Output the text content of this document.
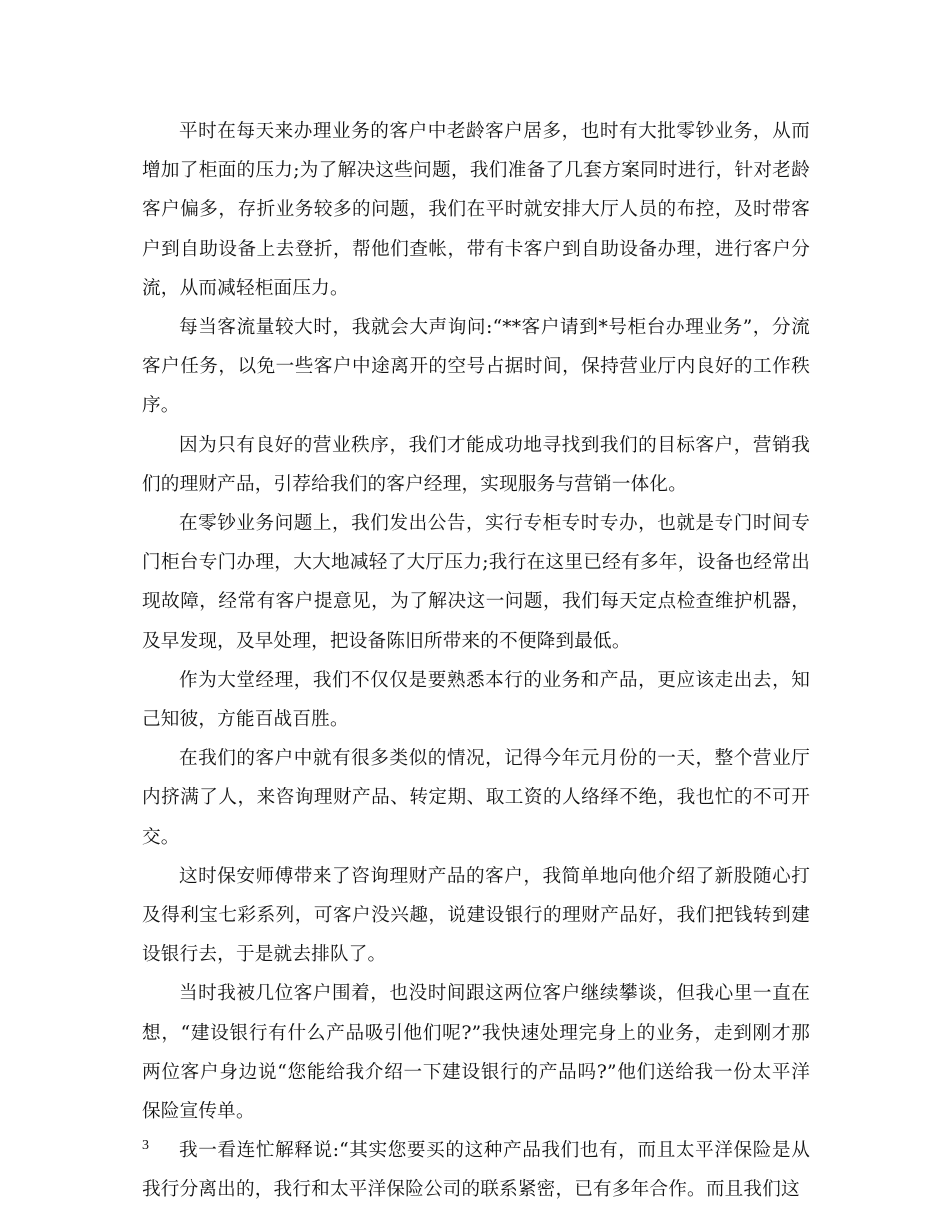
平时在每天来办理业务的客户中老龄客户居多，也时有大批零钞业务，从而增加了柜面的压力;为了解决这些问题，我们准备了几套方案同时进行，针对老龄客户偏多，存折业务较多的问题，我们在平时就安排大厅人员的布控，及时带客户到自助设备上去登折，帮他们查帐，带有卡客户到自助设备办理，进行客户分流，从而减轻柜面压力。

每当客流量较大时，我就会大声询问:“**客户请到*号柜台办理业务”，分流客户任务，以免一些客户中途离开的空号占据时间，保持营业厅内良好的工作秩序。

因为只有良好的营业秩序，我们才能成功地寻找到我们的目标客户，营销我们的理财产品，引荐给我们的客户经理，实现服务与营销一体化。

在零钞业务问题上，我们发出公告，实行专柜专时专办，也就是专门时间专门柜台专门办理，大大地减轻了大厅压力;我行在这里已经有多年，设备也经常出现故障，经常有客户提意见，为了解决这一问题，我们每天定点检查维护机器，及早发现，及早处理，把设备陈旧所带来的不便降到最低。

作为大堂经理，我们不仅仅是要熟悉本行的业务和产品，更应该走出去，知己知彼，方能百战百胜。

在我们的客户中就有很多类似的情况，记得今年元月份的一天，整个营业厅内挤满了人，来咨询理财产品、转定期、取工资的人络绎不绝，我也忙的不可开交。

这时保安师傅带来了咨询理财产品的客户，我简单地向他介绍了新股随心打及得利宝七彩系列，可客户没兴趣，说建设银行的理财产品好，我们把钱转到建设银行去，于是就去排队了。

当时我被几位客户围着，也没时间跟这两位客户继续攀谈，但我心里一直在想，“建设银行有什么产品吸引他们呢?”我快速处理完身上的业务，走到刚才那两位客户身边说“您能给我介绍一下建设银行的产品吗?”他们送给我一份太平洋保险宣传单。

我一看连忙解释说:“其实您要买的这种产品我们也有，而且太平洋保险是从我行分离出的，我行和太平洋保险公司的联系紧密，已有多年合作。而且我们这

3
